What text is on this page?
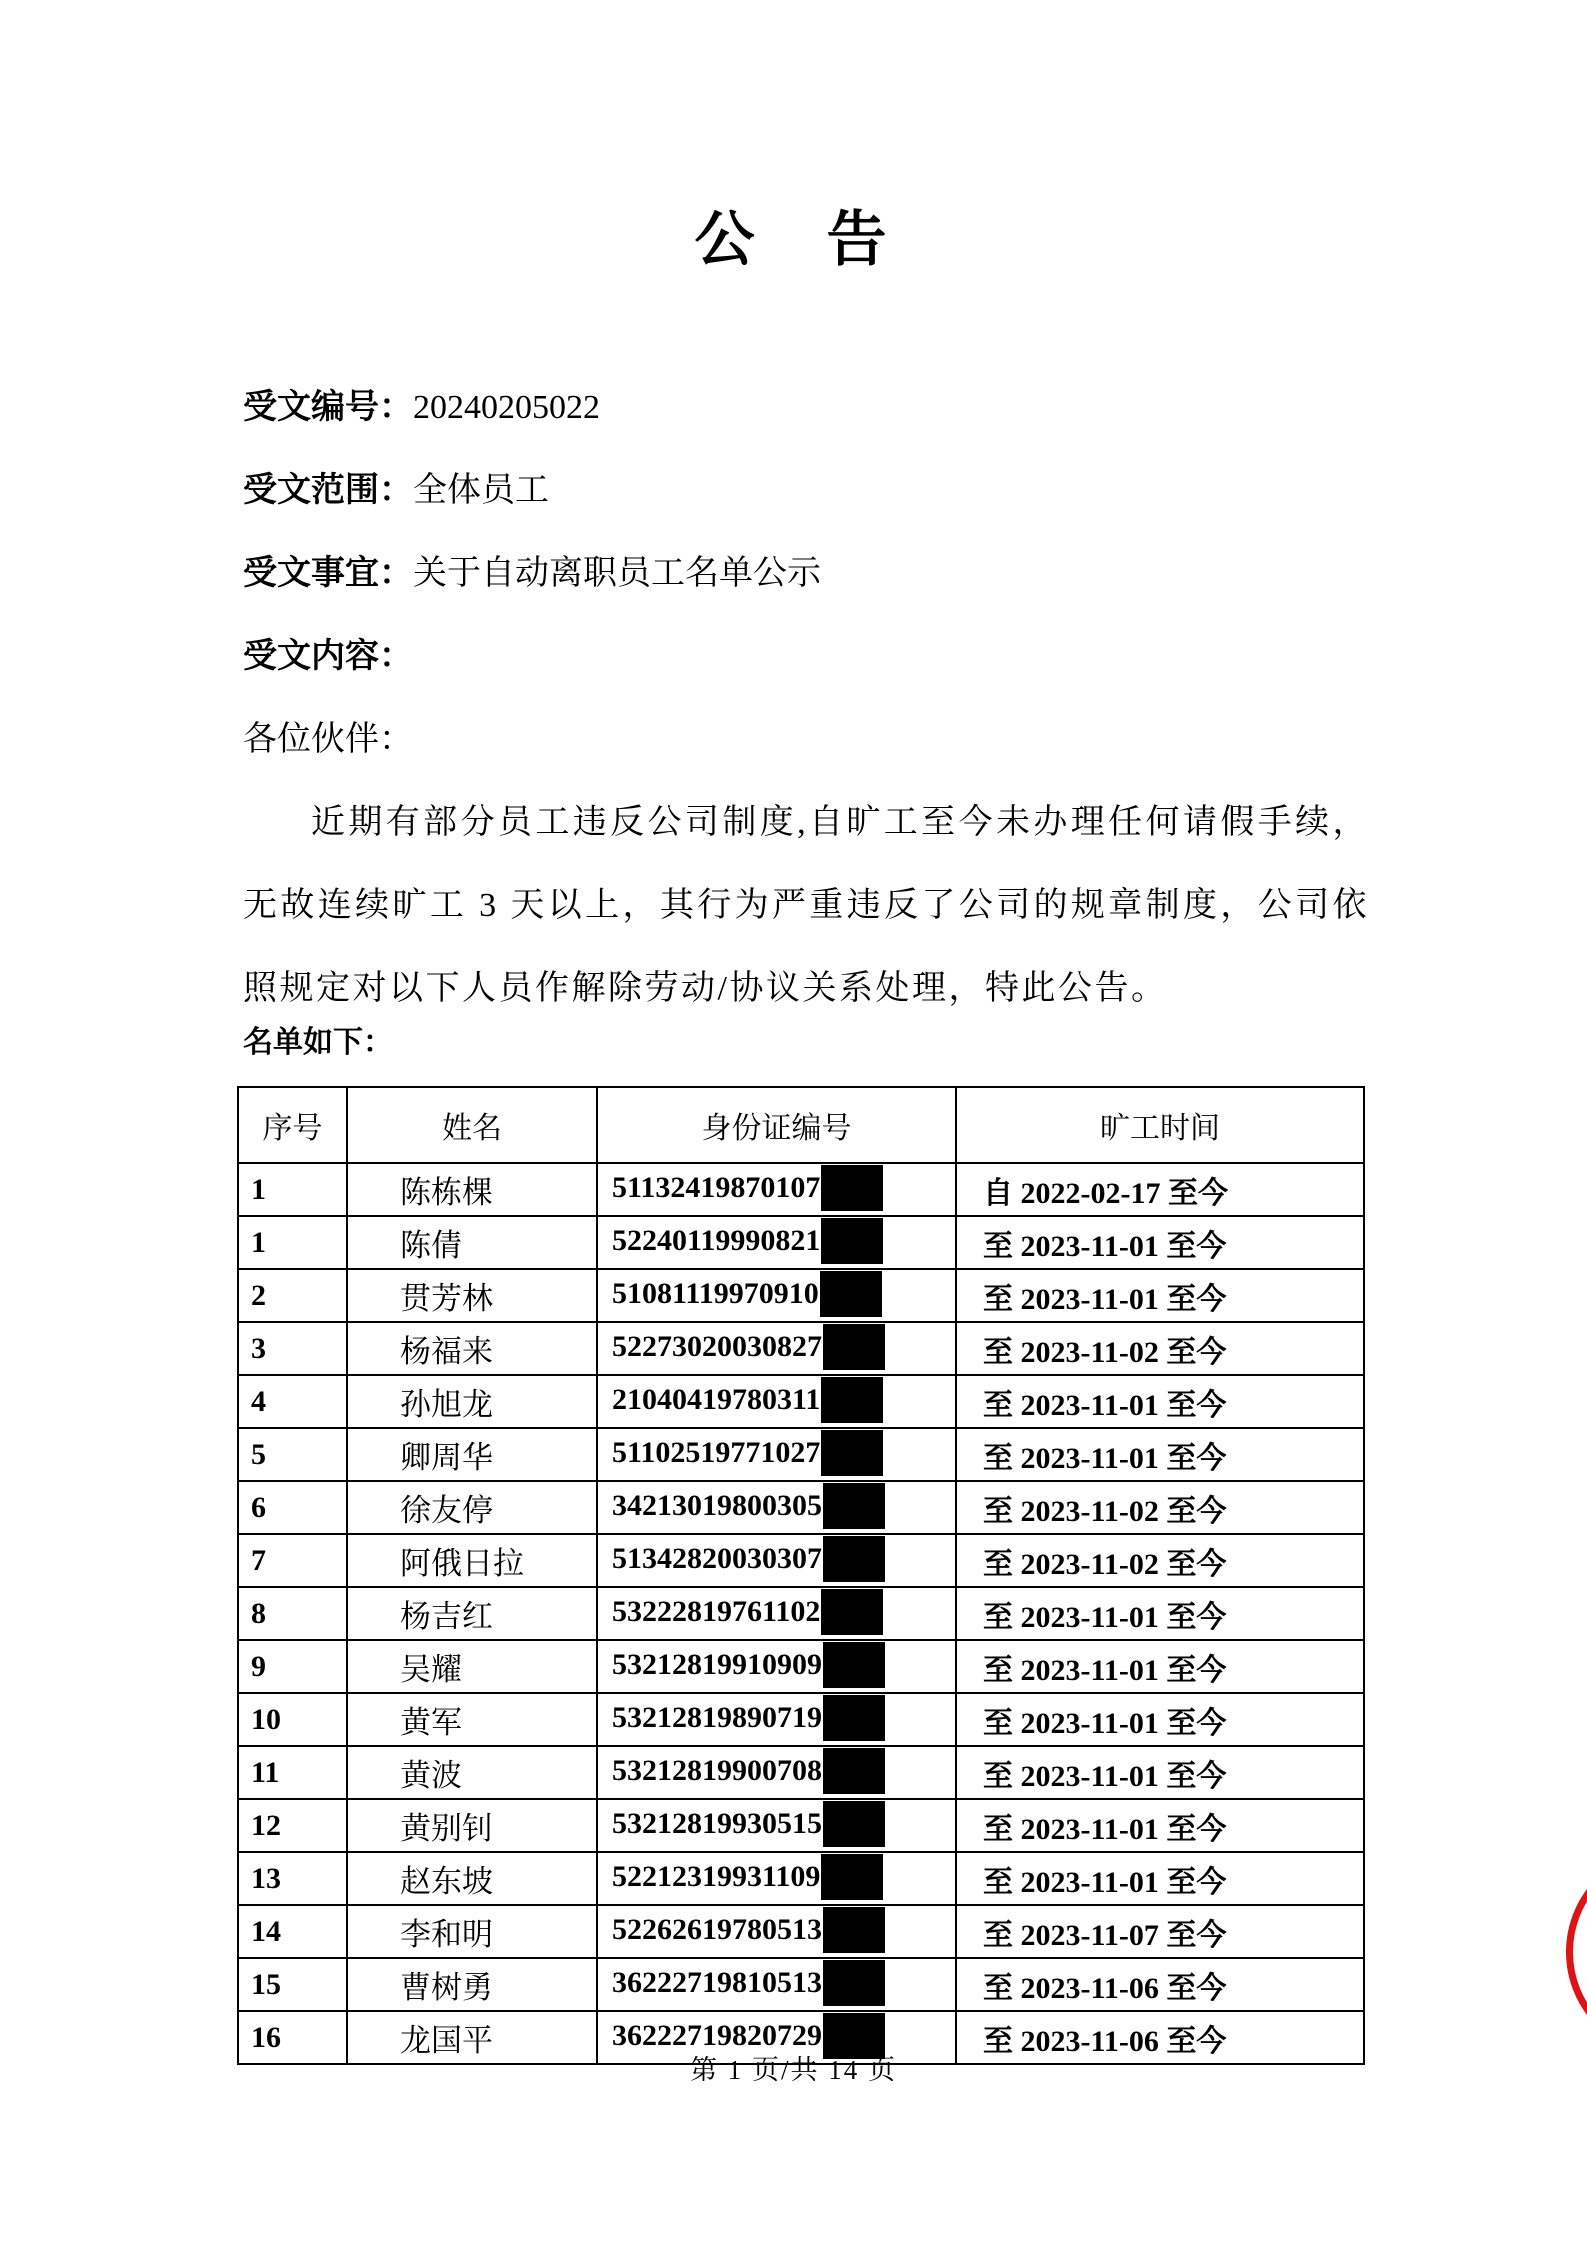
公　告
受文编号：20240205022
受文范围：全体员工
受文事宜：关于自动离职员工名单公示
受文内容：
各位伙伴：

近期有部分员工违反公司制度,自旷工至今未办理任何请假手续，无故连续旷工 3 天以上，其行为严重违反了公司的规章制度，公司依照规定对以下人员作解除劳动/协议关系处理，特此公告。

名单如下：
序号	姓名	身份证编号	旷工时间
1	陈栋棵	51132419870107	自 2022-02-17 至今
1	陈倩	52240119990821	至 2023-11-01 至今
2	贯芳林	51081119970910	至 2023-11-01 至今
3	杨福来	52273020030827	至 2023-11-02 至今
4	孙旭龙	21040419780311	至 2023-11-01 至今
5	卿周华	51102519771027	至 2023-11-01 至今
6	徐友停	34213019800305	至 2023-11-02 至今
7	阿俄日拉	51342820030307	至 2023-11-02 至今
8	杨吉红	53222819761102	至 2023-11-01 至今
9	吴耀	53212819910909	至 2023-11-01 至今
10	黄军	53212819890719	至 2023-11-01 至今
11	黄波	53212819900708	至 2023-11-01 至今
12	黄别钊	53212819930515	至 2023-11-01 至今
13	赵东坡	52212319931109	至 2023-11-01 至今
14	李和明	52262619780513	至 2023-11-07 至今
15	曹树勇	36222719810513	至 2023-11-06 至今
16	龙国平	36222719820729	至 2023-11-06 至今
第 1 页/共 14 页
